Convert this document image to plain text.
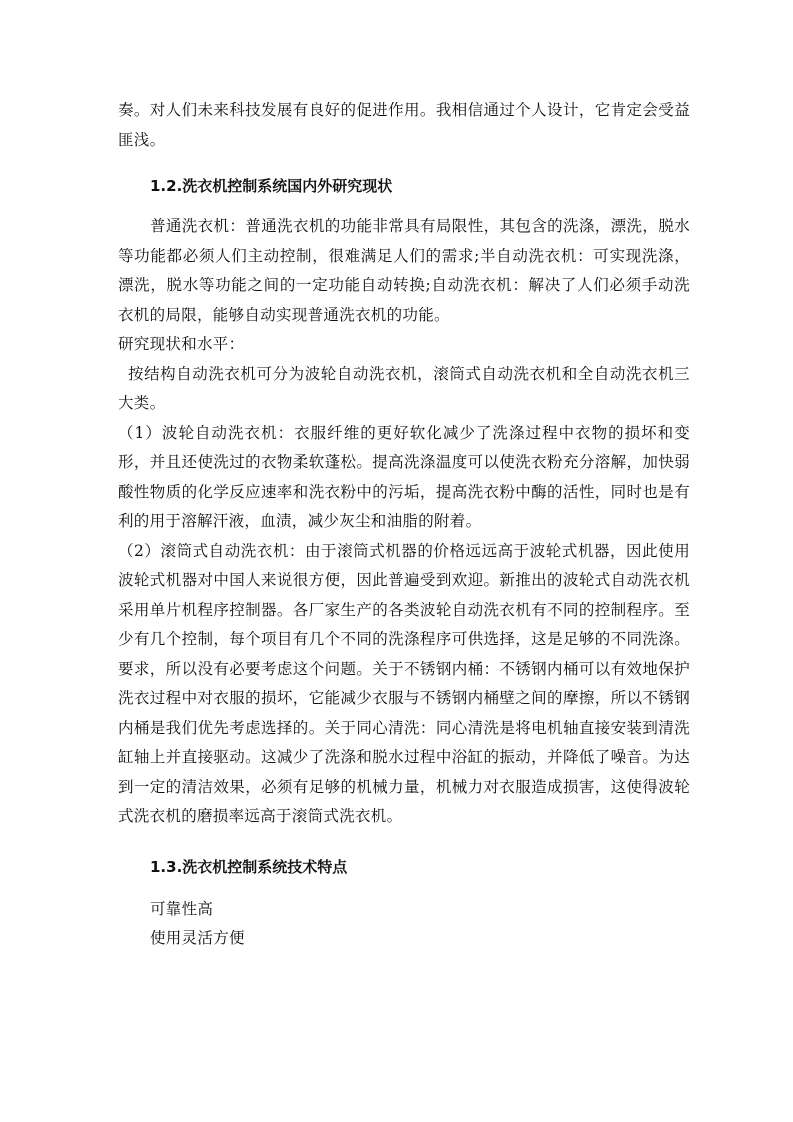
奏。对人们未来科技发展有良好的促进作用。我相信通过个人设计，它肯定会受益匪浅。

1.2.洗衣机控制系统国内外研究现状

普通洗衣机：普通洗衣机的功能非常具有局限性，其包含的洗涤，漂洗，脱水等功能都必须人们主动控制，很难满足人们的需求;半自动洗衣机：可实现洗涤，漂洗，脱水等功能之间的一定功能自动转换;自动洗衣机：解决了人们必须手动洗衣机的局限，能够自动实现普通洗衣机的功能。

研究现状和水平：

按结构自动洗衣机可分为波轮自动洗衣机，滚筒式自动洗衣机和全自动洗衣机三大类。

（1）波轮自动洗衣机：衣服纤维的更好软化减少了洗涤过程中衣物的损坏和变形，并且还使洗过的衣物柔软蓬松。提高洗涤温度可以使洗衣粉充分溶解，加快弱酸性物质的化学反应速率和洗衣粉中的污垢，提高洗衣粉中酶的活性，同时也是有利的用于溶解汗液，血渍，减少灰尘和油脂的附着。

（2）滚筒式自动洗衣机：由于滚筒式机器的价格远远高于波轮式机器，因此使用波轮式机器对中国人来说很方便，因此普遍受到欢迎。新推出的波轮式自动洗衣机采用单片机程序控制器。各厂家生产的各类波轮自动洗衣机有不同的控制程序。至少有几个控制，每个项目有几个不同的洗涤程序可供选择，这是足够的不同洗涤。要求，所以没有必要考虑这个问题。关于不锈钢内桶：不锈钢内桶可以有效地保护洗衣过程中对衣服的损坏，它能减少衣服与不锈钢内桶壁之间的摩擦，所以不锈钢内桶是我们优先考虑选择的。关于同心清洗：同心清洗是将电机轴直接安装到清洗缸轴上并直接驱动。这减少了洗涤和脱水过程中浴缸的振动，并降低了噪音。为达到一定的清洁效果，必须有足够的机械力量，机械力对衣服造成损害，这使得波轮式洗衣机的磨损率远高于滚筒式洗衣机。

1.3.洗衣机控制系统技术特点

可靠性高

使用灵活方便
